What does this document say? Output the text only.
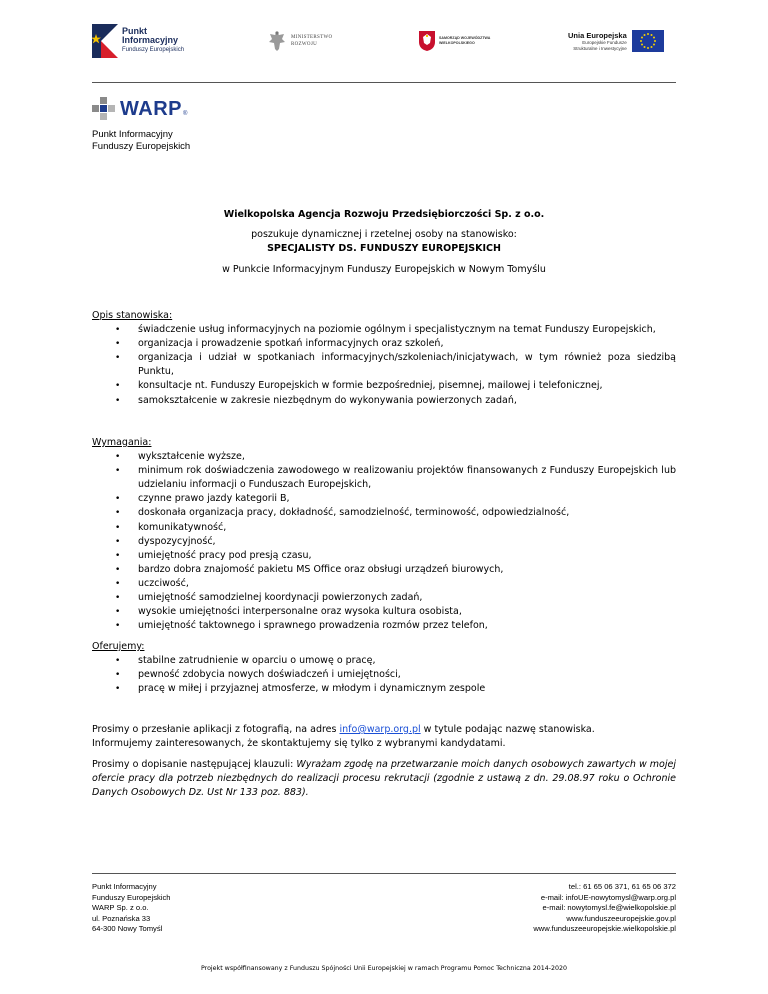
Punkt
Informacyjny
Funduszy Europejskich
MINISTERSTWO
ROZWOJU
SAMORZĄD WOJEWÓDZTWA
WIELKOPOLSKIEGO
Unia Europejska
Europejskie Fundusze
Strukturalne i Inwestycyjne
WARP ®
Punkt Informacyjny
Funduszy Europejskich
Wielkopolska Agencja Rozwoju Przedsiębiorczości Sp. z o.o.
poszukuje dynamicznej i rzetelnej osoby na stanowisko:
SPECJALISTY DS. FUNDUSZY EUROPEJSKICH
w Punkcie Informacyjnym Funduszy Europejskich w Nowym Tomyślu
Opis stanowiska:
• świadczenie usług informacyjnych na poziomie ogólnym i specjalistycznym na temat Funduszy Europejskich,
• organizacja i prowadzenie spotkań informacyjnych oraz szkoleń,
• organizacja i udział w spotkaniach informacyjnych/szkoleniach/inicjatywach, w tym również poza siedzibą Punktu,
• konsultacje nt. Funduszy Europejskich w formie bezpośredniej, pisemnej, mailowej i telefonicznej,
• samokształcenie w zakresie niezbędnym do wykonywania powierzonych zadań,
Wymagania:
• wykształcenie wyższe,
• minimum rok doświadczenia zawodowego w realizowaniu projektów finansowanych z Funduszy Europejskich lub udzielaniu informacji o Funduszach Europejskich,
• czynne prawo jazdy kategorii B,
• doskonała organizacja pracy, dokładność, samodzielność, terminowość, odpowiedzialność,
• komunikatywność,
• dyspozycyjność,
• umiejętność pracy pod presją czasu,
• bardzo dobra znajomość pakietu MS Office oraz obsługi urządzeń biurowych,
• uczciwość,
• umiejętność samodzielnej koordynacji powierzonych zadań,
• wysokie umiejętności interpersonalne oraz wysoka kultura osobista,
• umiejętność taktownego i sprawnego prowadzenia rozmów przez telefon,
Oferujemy:
• stabilne zatrudnienie w oparciu o umowę o pracę,
• pewność zdobycia nowych doświadczeń i umiejętności,
• pracę w miłej i przyjaznej atmosferze, w młodym i dynamicznym zespole
Prosimy o przesłanie aplikacji z fotografią, na adres info@warp.org.pl w tytule podając nazwę stanowiska.
Informujemy zainteresowanych, że skontaktujemy się tylko z wybranymi kandydatami.
Prosimy o dopisanie następującej klauzuli: Wyrażam zgodę na przetwarzanie moich danych osobowych zawartych w mojej ofercie pracy dla potrzeb niezbędnych do realizacji procesu rekrutacji (zgodnie z ustawą z dn. 29.08.97 roku o Ochronie Danych Osobowych Dz. Ust Nr 133 poz. 883).
Punkt Informacyjny
Funduszy Europejskich
WARP Sp. z o.o.
ul. Poznańska 33
64-300 Nowy Tomyśl
tel.: 61 65 06 371, 61 65 06 372
e-mail: infoUE-nowytomysl@warp.org.pl
e-mail: nowytomysl.fe@wielkopolskie.pl
www.funduszeeuropejskie.gov.pl
www.funduszeeuropejskie.wielkopolskie.pl
Projekt współfinansowany z Funduszu Spójności Unii Europejskiej w ramach Programu Pomoc Techniczna 2014-2020
